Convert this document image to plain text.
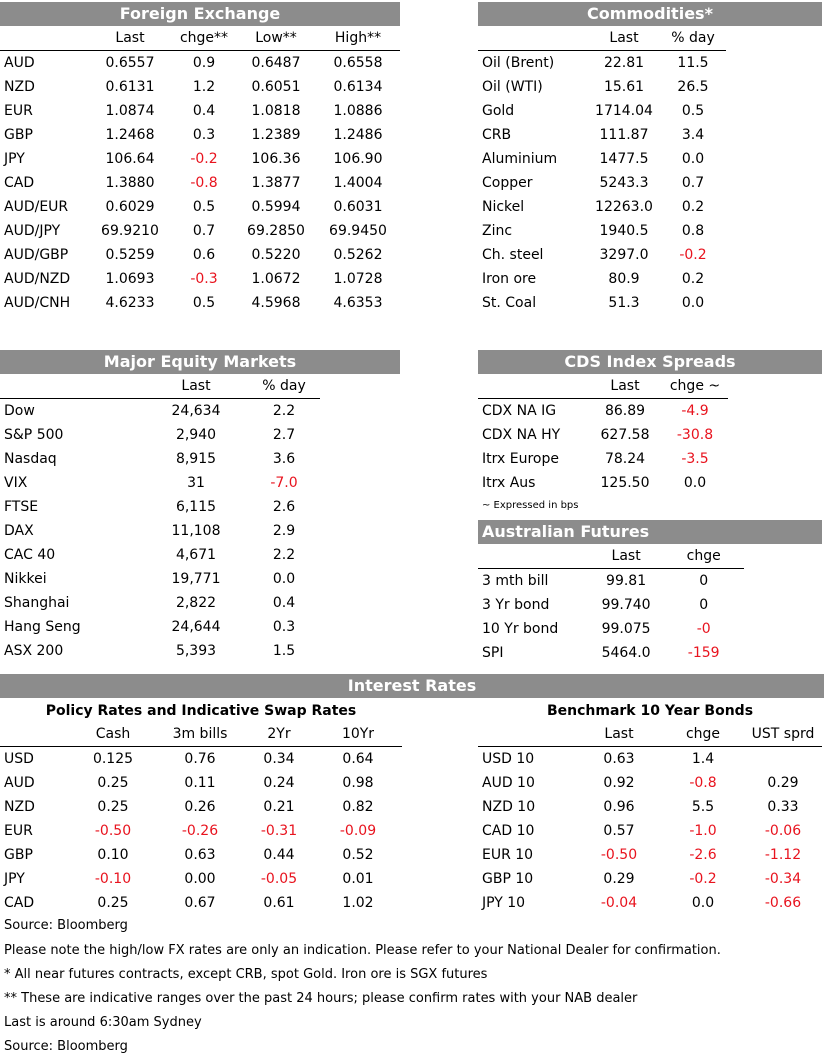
Foreign Exchange
	Last	chge**	Low**	High**
AUD	0.6557	0.9	0.6487	0.6558
NZD	0.6131	1.2	0.6051	0.6134
EUR	1.0874	0.4	1.0818	1.0886
GBP	1.2468	0.3	1.2389	1.2486
JPY	106.64	-0.2	106.36	106.90
CAD	1.3880	-0.8	1.3877	1.4004
AUD/EUR	0.6029	0.5	0.5994	0.6031
AUD/JPY	69.9210	0.7	69.2850	69.9450
AUD/GBP	0.5259	0.6	0.5220	0.5262
AUD/NZD	1.0693	-0.3	1.0672	1.0728
AUD/CNH	4.6233	0.5	4.5968	4.6353
Commodities*
	Last	% day
Oil (Brent)	22.81	11.5
Oil (WTI)	15.61	26.5
Gold	1714.04	0.5
CRB	111.87	3.4
Aluminium	1477.5	0.0
Copper	5243.3	0.7
Nickel	12263.0	0.2
Zinc	1940.5	0.8
Ch. steel	3297.0	-0.2
Iron ore	80.9	0.2
St. Coal	51.3	0.0
Major Equity Markets
	Last	% day
Dow	24,634	2.2
S&P 500	2,940	2.7
Nasdaq	8,915	3.6
VIX	31	-7.0
FTSE	6,115	2.6
DAX	11,108	2.9
CAC 40	4,671	2.2
Nikkei	19,771	0.0
Shanghai	2,822	0.4
Hang Seng	24,644	0.3
ASX 200	5,393	1.5
CDS Index Spreads
	Last	chge ~
CDX NA IG	86.89	-4.9
CDX NA HY	627.58	-30.8
Itrx Europe	78.24	-3.5
Itrx Aus	125.50	0.0
~ Expressed in bps
Australian Futures
	Last	chge
3 mth bill	99.81	0
3 Yr bond	99.740	0
10 Yr bond	99.075	-0
SPI	5464.0	-159
Interest Rates
Policy Rates and Indicative Swap Rates
	Cash	3m bills	2Yr	10Yr
USD	0.125	0.76	0.34	0.64
AUD	0.25	0.11	0.24	0.98
NZD	0.25	0.26	0.21	0.82
EUR	-0.50	-0.26	-0.31	-0.09
GBP	0.10	0.63	0.44	0.52
JPY	-0.10	0.00	-0.05	0.01
CAD	0.25	0.67	0.61	1.02
Benchmark 10 Year Bonds
	Last	chge	UST sprd
USD 10	0.63	1.4	
AUD 10	0.92	-0.8	0.29
NZD 10	0.96	5.5	0.33
CAD 10	0.57	-1.0	-0.06
EUR 10	-0.50	-2.6	-1.12
GBP 10	0.29	-0.2	-0.34
JPY 10	-0.04	0.0	-0.66
Source: Bloomberg
Please note the high/low FX rates are only an indication. Please refer to your National Dealer for confirmation.
* All near futures contracts, except CRB, spot Gold. Iron ore is SGX futures
** These are indicative ranges over the past 24 hours; please confirm rates with your NAB dealer
Last is around 6:30am Sydney
Source: Bloomberg
